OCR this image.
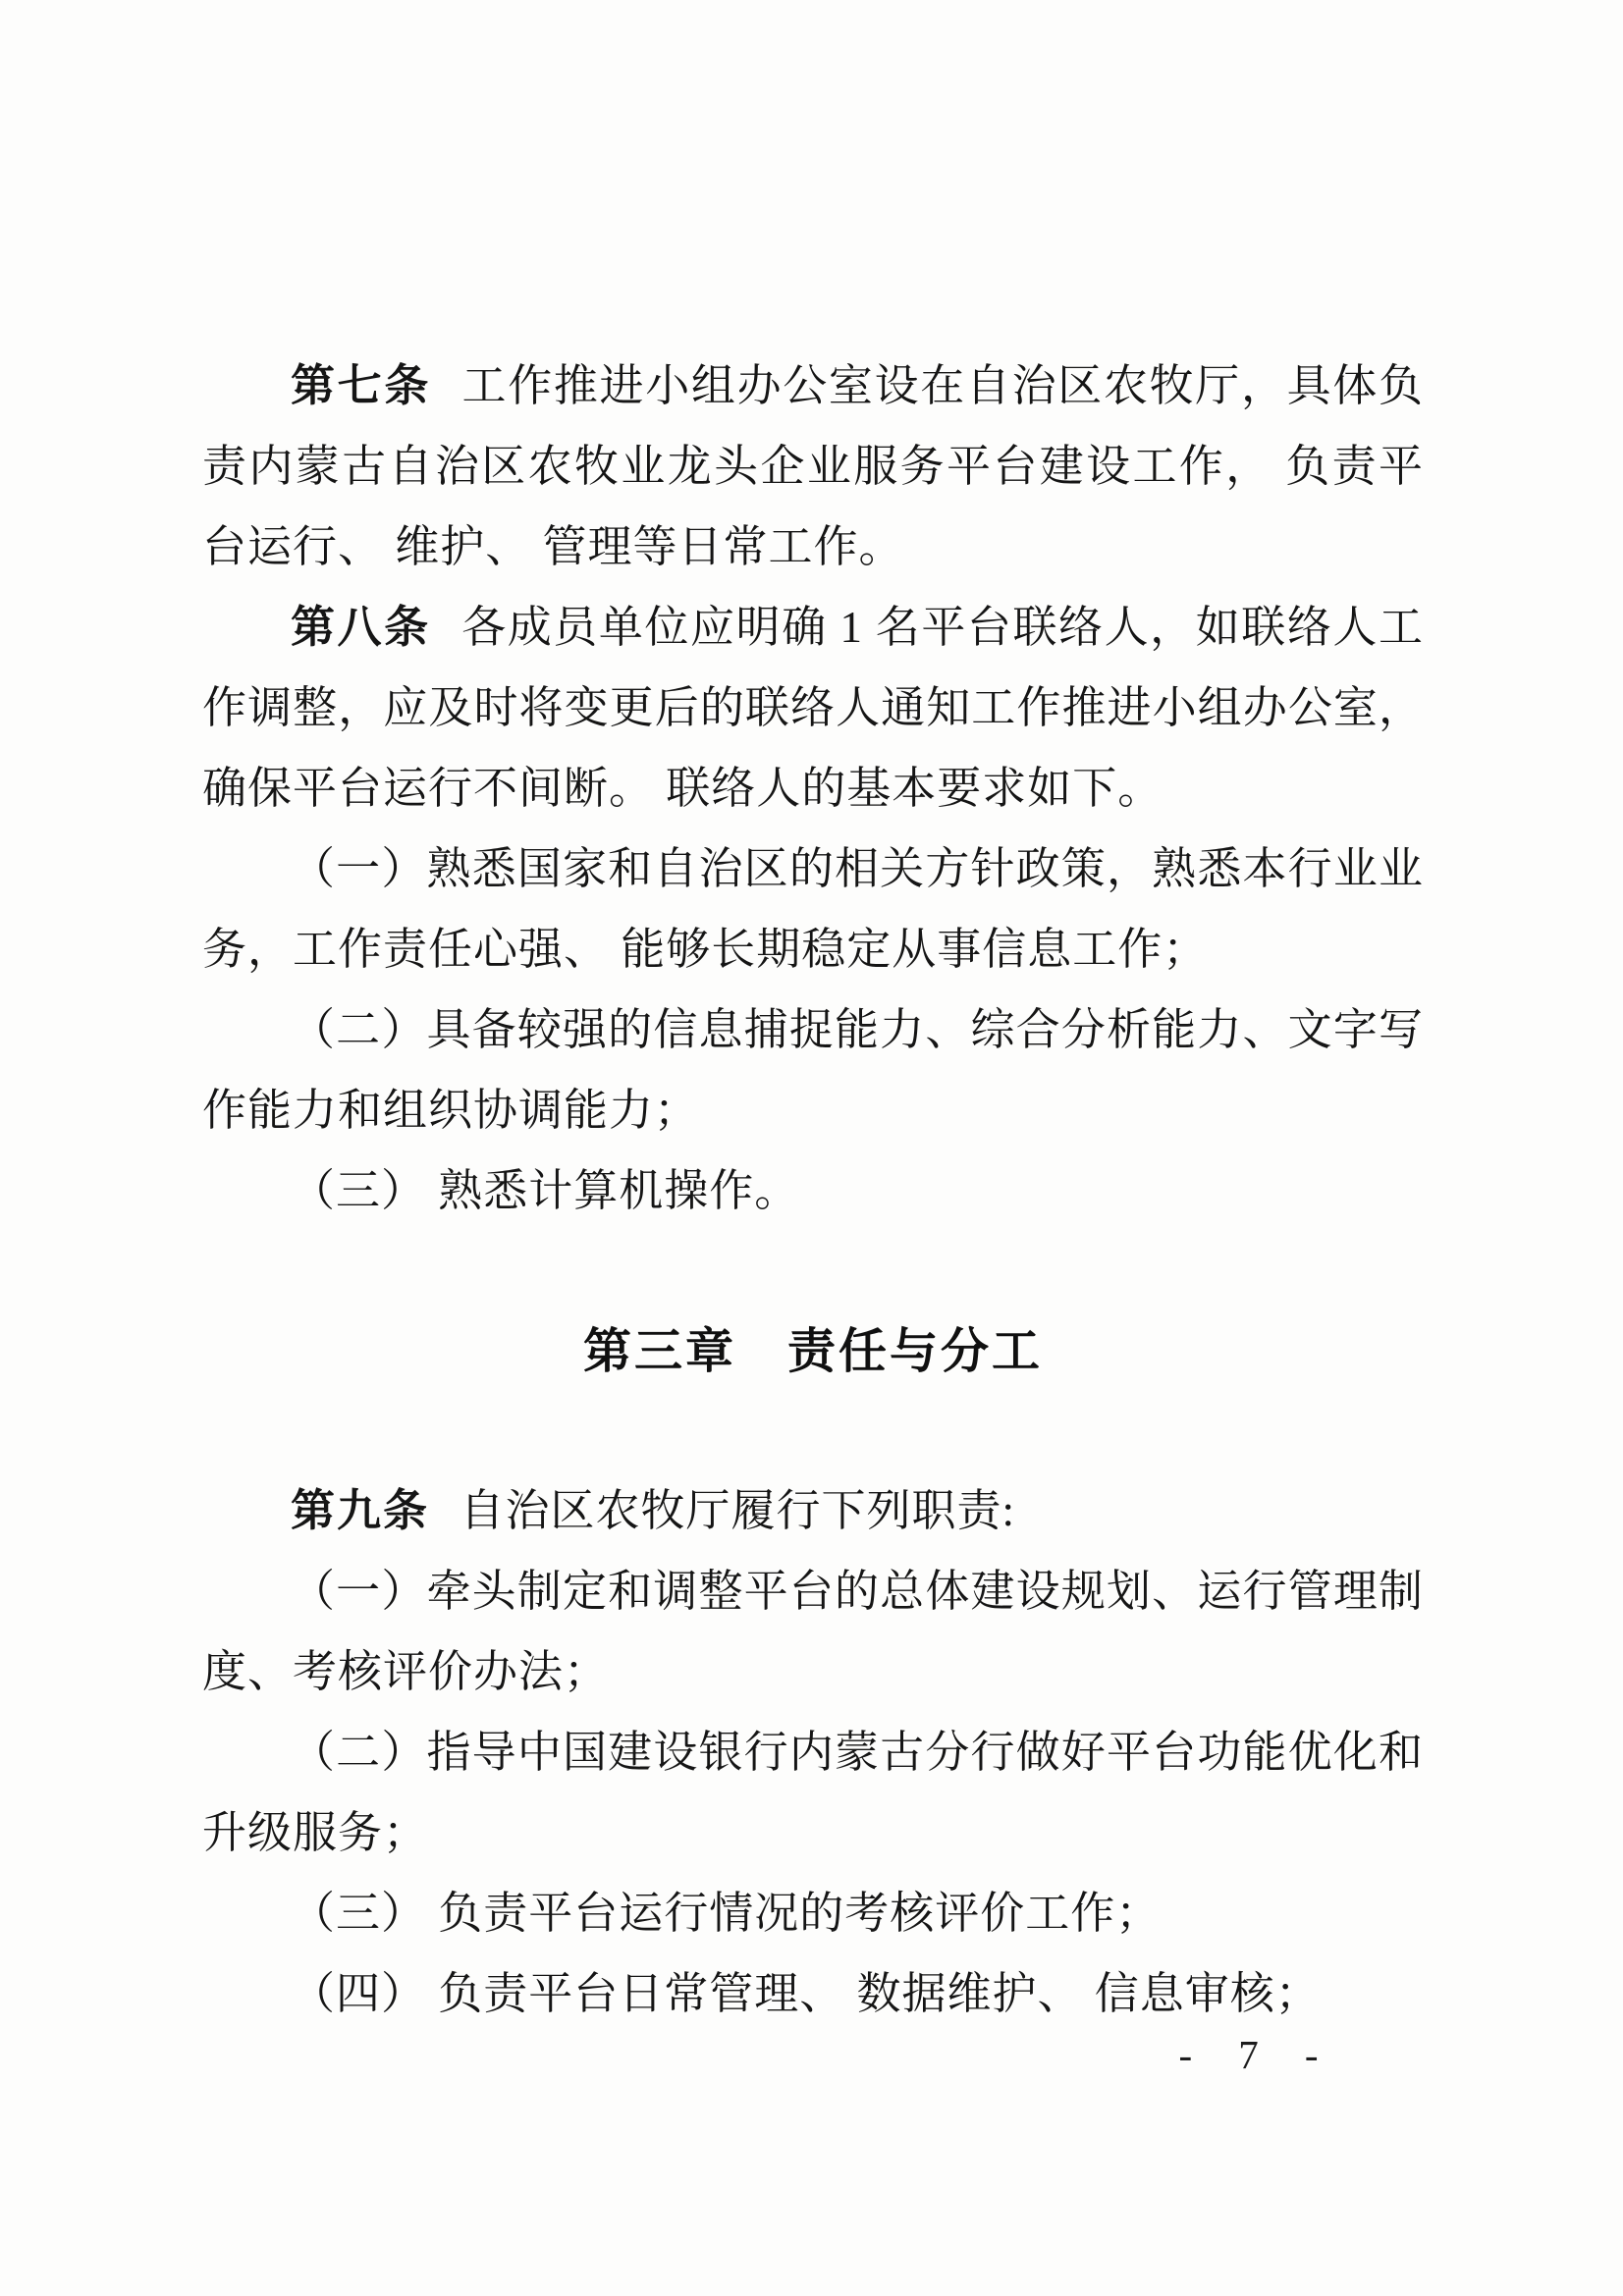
第七条 工作推进小组办公室设在自治区农牧厅，具体负责内蒙古自治区农牧业龙头企业服务平台建设工作， 负责平台运行、 维护、 管理等日常工作。

第八条 各成员单位应明确 1 名平台联络人，如联络人工作调整，应及时将变更后的联络人通知工作推进小组办公室，确保平台运行不间断。 联络人的基本要求如下。

（一）熟悉国家和自治区的相关方针政策，熟悉本行业业务，工作责任心强、 能够长期稳定从事信息工作；

（二）具备较强的信息捕捉能力、综合分析能力、文字写作能力和组织协调能力；

（三） 熟悉计算机操作。

第三章　责任与分工

第九条 自治区农牧厅履行下列职责:

（一）牵头制定和调整平台的总体建设规划、运行管理制度、考核评价办法；

（二）指导中国建设银行内蒙古分行做好平台功能优化和升级服务；

（三） 负责平台运行情况的考核评价工作；

（四） 负责平台日常管理、 数据维护、 信息审核；

- 7 -
